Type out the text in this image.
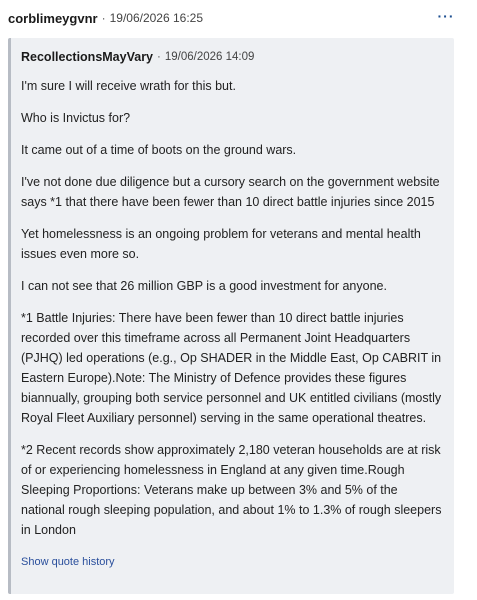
corblimeygvnr · 19/06/2026 16:25	···
RecollectionsMayVary · 19/06/2026 14:09

I'm sure I will receive wrath for this but.

Who is Invictus for?

It came out of a time of boots on the ground wars.

I've not done due diligence but a cursory search on the government website says *1 that there have been fewer than 10 direct battle injuries since 2015

Yet homelessness is an ongoing problem for veterans and mental health issues even more so.

I can not see that 26 million GBP is a good investment for anyone.

*1 Battle Injuries: There have been fewer than 10 direct battle injuries recorded over this timeframe across all Permanent Joint Headquarters (PJHQ) led operations (e.g., Op SHADER in the Middle East, Op CABRIT in Eastern Europe).Note: The Ministry of Defence provides these figures biannually, grouping both service personnel and UK entitled civilians (mostly Royal Fleet Auxiliary personnel) serving in the same operational theatres.

*2 Recent records show approximately 2,180 veteran households are at risk of or experiencing homelessness in England at any given time.Rough Sleeping Proportions: Veterans make up between 3% and 5% of the national rough sleeping population, and about 1% to 1.3% of rough sleepers in London

Show quote history
